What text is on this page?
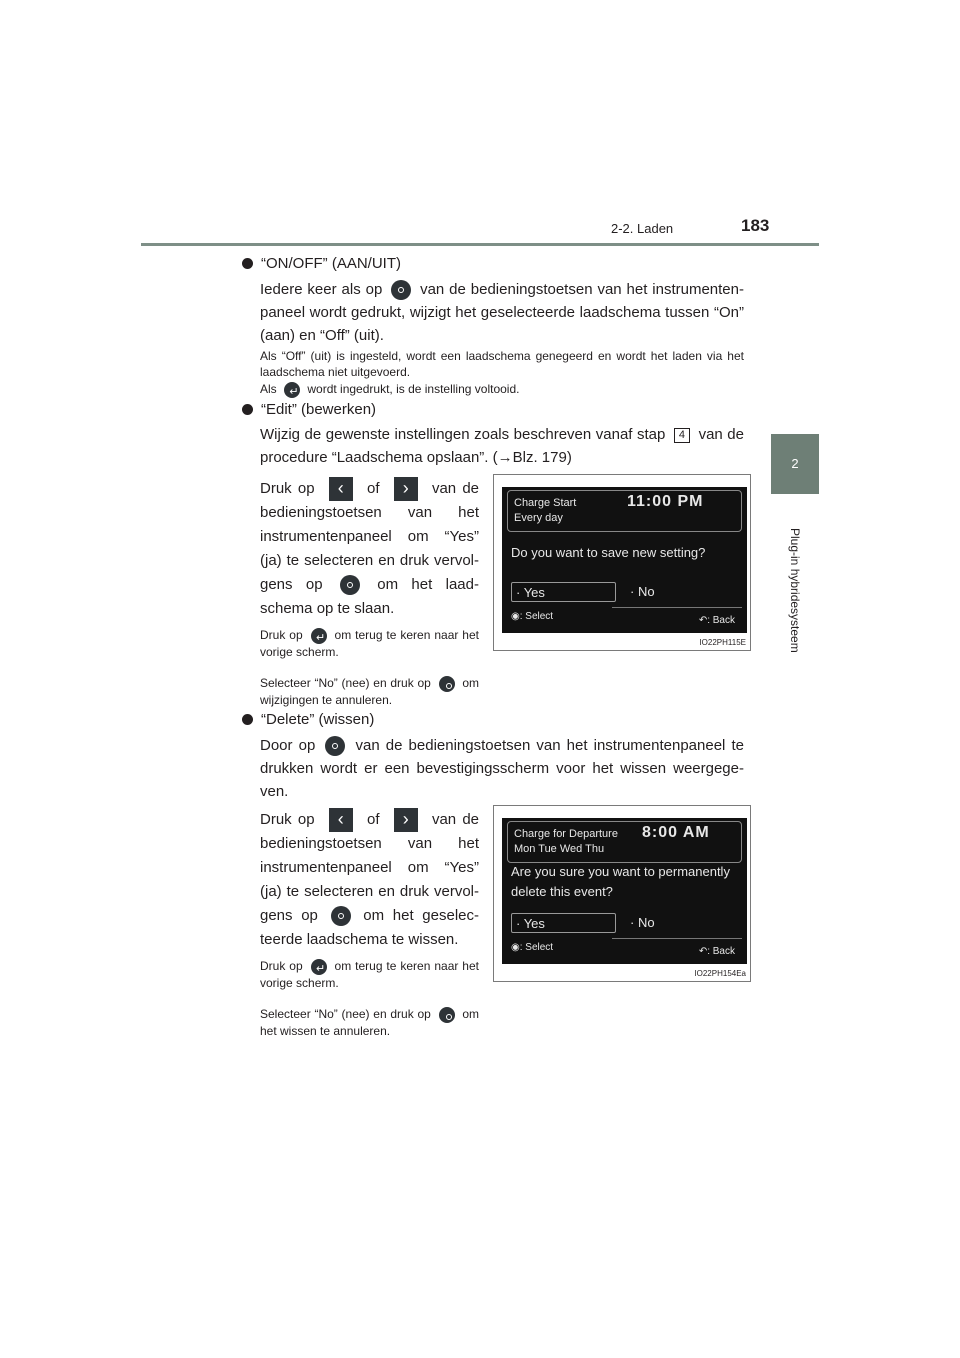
183
2-2. Laden
2
Plug-in hybridesysteem
“ON/OFF” (AAN/UIT)
Iedere keer als op	van de bedieningstoetsen van het instrumenten-paneel wordt gedrukt, wijzigt het geselecteerde laadschema tussen “On” (aan) en “Off” (uit).
Als “Off” (uit) is ingesteld, wordt een laadschema genegeerd en wordt het laden via het laadschema niet uitgevoerd.
Als ↵	wordt ingedrukt, is de instelling voltooid.
“Edit” (bewerken)
Wijzig de gewenste instellingen zoals beschreven vanaf stap 4 van de procedure “Laadschema opslaan”. (→Blz. 179)
Druk op ‹ of › van de bedieningstoetsen van het instrumentenpaneel om “Yes” (ja) te selecteren en druk vervol-gens op	om het laad-schema op te slaan.
Druk op ↵	om terug te keren naar het vorige scherm.
Selecteer “No” (nee) en druk op	om wijzigingen te annuleren.
Charge Start
Every day
11:00 PM
Do you want to save new setting?
· Yes	· No
◉: Select	↶: Back
IO22PH115E
“Delete” (wissen)
Door op	van de bedieningstoetsen van het instrumentenpaneel te drukken wordt er een bevestigingsscherm voor het wissen weergege-ven.
Druk op ‹ of › van de bedieningstoetsen van het instrumentenpaneel om “Yes” (ja) te selecteren en druk vervol-gens op	om het geselec-teerde laadschema te wissen.
Druk op ↵	om terug te keren naar het vorige scherm.
Selecteer “No” (nee) en druk op	om het wissen te annuleren.
Charge for Departure
Mon Tue Wed Thu
8:00 AM
Are you sure you want to permanently
delete this event?
· Yes	· No
◉: Select	↶: Back
IO22PH154Ea
